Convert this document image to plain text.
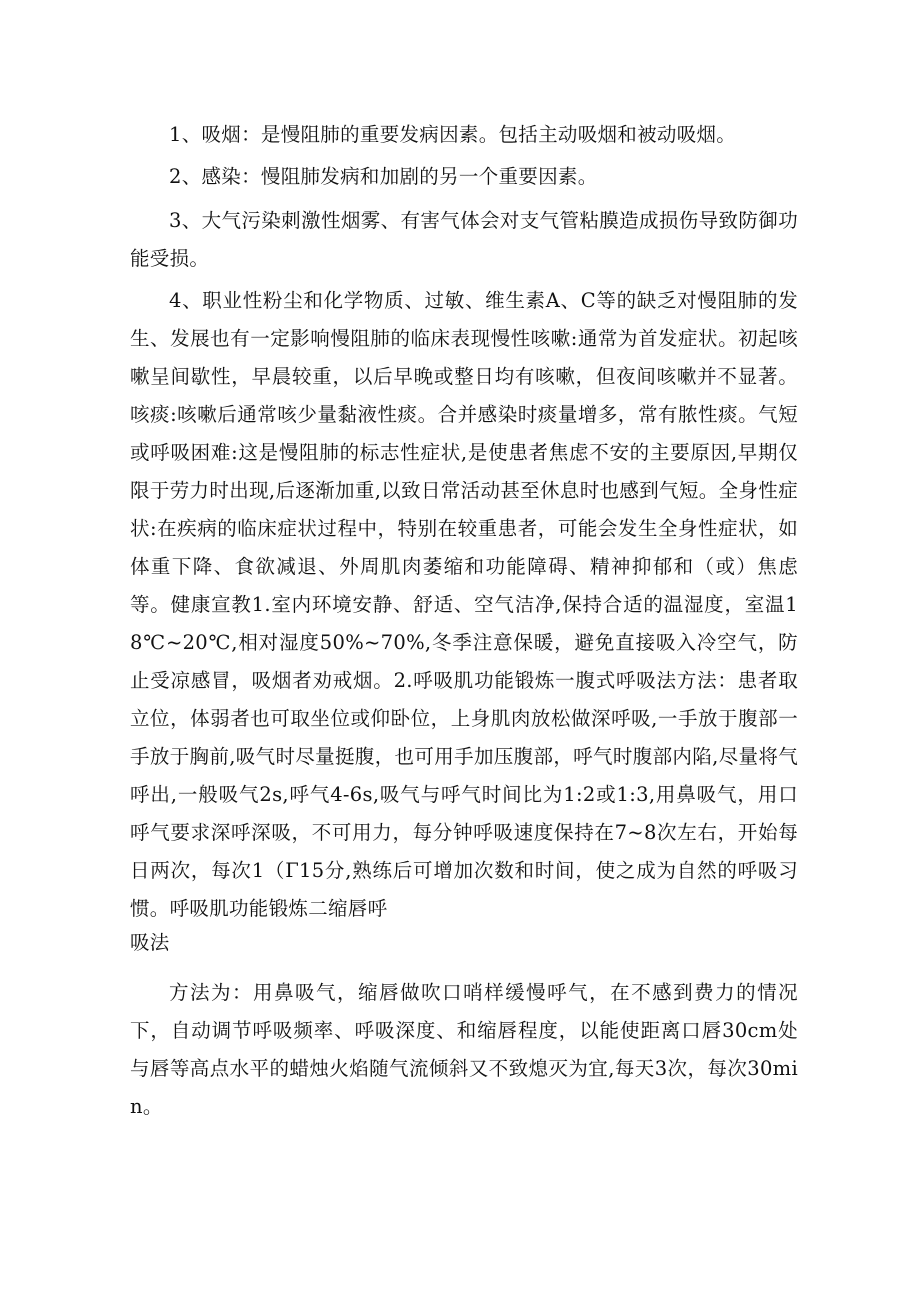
1、吸烟：是慢阻肺的重要发病因素。包括主动吸烟和被动吸烟。

2、感染：慢阻肺发病和加剧的另一个重要因素。

3、大气污染刺激性烟雾、有害气体会对支气管粘膜造成损伤导致防御功能受损。

4、职业性粉尘和化学物质、过敏、维生素A、C等的缺乏对慢阻肺的发生、发展也有一定影响慢阻肺的临床表现慢性咳嗽:通常为首发症状。初起咳嗽呈间歇性，早晨较重，以后早晚或整日均有咳嗽，但夜间咳嗽并不显著。咳痰:咳嗽后通常咳少量黏液性痰。合并感染时痰量增多，常有脓性痰。气短或呼吸困难:这是慢阻肺的标志性症状,是使患者焦虑不安的主要原因,早期仅限于劳力时出现,后逐渐加重,以致日常活动甚至休息时也感到气短。全身性症状:在疾病的临床症状过程中，特别在较重患者，可能会发生全身性症状，如体重下降、食欲减退、外周肌肉萎缩和功能障碍、精神抑郁和（或）焦虑等。健康宣教1.室内环境安静、舒适、空气洁净,保持合适的温湿度，室温18℃~20℃,相对湿度50%~70%,冬季注意保暖，避免直接吸入冷空气，防止受凉感冒，吸烟者劝戒烟。2.呼吸肌功能锻炼一腹式呼吸法方法：患者取立位，体弱者也可取坐位或仰卧位，上身肌肉放松做深呼吸,一手放于腹部一手放于胸前,吸气时尽量挺腹，也可用手加压腹部，呼气时腹部内陷,尽量将气呼出,一般吸气2s,呼气4-6s,吸气与呼气时间比为1:2或1:3,用鼻吸气，用口呼气要求深呼深吸，不可用力，每分钟呼吸速度保持在7~8次左右，开始每日两次，每次1（Γ15分,熟练后可增加次数和时间，使之成为自然的呼吸习惯。呼吸肌功能锻炼二缩唇呼

吸法

方法为：用鼻吸气，缩唇做吹口哨样缓慢呼气，在不感到费力的情况下，自动调节呼吸频率、呼吸深度、和缩唇程度，以能使距离口唇30cm处与唇等高点水平的蜡烛火焰随气流倾斜又不致熄灭为宜,每天3次，每次30min。
